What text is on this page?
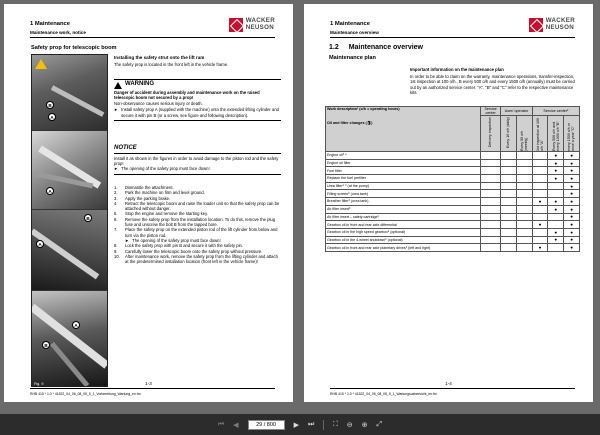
1 Maintenance
Maintenance work, notice
WACKER
NEUSON
Safety prop for telescopic boom
B
A
A
B
A
A
B
Fig. 9
Installing the safety strut onto the lift ram
The safety prop is located in the front left in the vehicle frame.
WARNING
Danger of accident during assembly and maintenance work on the raised telescopic boom not secured by a prop!
Non-observance causes serious injury or death.
► Install safety prop A (supplied with the machine) onto the extended lifting cylinder and secure it with pin B (or a screw, see figure and following description).
NOTICE
Install it as shown in the figures in order to avoid damage to the piston rod and the safety prop!
► The opening of the safety prop must face down!
1.	Dismantle the attachment.
2.	Park the machine on firm and level ground.
3.	Apply the parking brake.
4.	Retract the telescopic boom and raise the loader unit so that the safety prop can be attached without danger.
5.	Stop the engine and remove the starting key.
6.	Remove the safety prop from the installation location. To do this, remove the plug fuse and unscrew the bolt B from the tapped bore.
7.	Place the safety prop on the extended piston rod of the lift cylinder from below and turn via the piston rod.
► The opening of the safety prop must face down!
8.	Lock the safety prop with pin B and secure it with the safety pin.
9.	Carefully lower the telescopic boom onto the safety prop without pressure.
10.	After maintenance work, remove the safety prop from the lifting cylinder and attach at the predetermined installation location (front left in the vehicle frame)!
1-3
RHB 415 * 1.0 * 41522_04_06_08_05_5_1_Vorbereitung_Wartung_en.fm
1 Maintenance
Maintenance overview
WACKER
NEUSON
1.2 Maintenance overview
Maintenance plan
Important information on the maintenance plan
In order to be able to claim on the warranty, maintenance operations, transfer-inspection, 1st inspection at 100 o/h., B every 500 o/h and every 1500 o/h (annually) must be carried out by an authorized service center. "A", "B" and "C" refer to the respective maintenance kits.
Work description¹ (o/h = operating hours)
Oil and filter changes (🛢)	Service center	User/ operator		Service center²		

	Delivery inspection	Every 10 o/h (daily)	Every 50 o/h (weekly)	1st inspection at 100 o/h "A"	Every 500 o/h and every 1000 o/h "B"	every 1500 o/h or once a year "C"

Engine oil³ ⁴					●	●
Engine oil filter					●	●
Fuel filter					●	●
Replace the fuel prefilter					●	●
Urea filter⁵ ⁶ (at the pump)						●
Filling screen⁶ (urea tank)						●
Breather filter⁶ (urea tank)				●	●	●
Air filter insert⁶					●	●
Air filter insert – safety cartridge⁶						●
Gearbox oil in front and rear axle differential				●		●
Gearbox oil in the high speed gearbox⁶ (optional)					●	●
Gearbox oil in the 4-wheel shutdown⁶ (optional)					●	●
Gearbox oil in front and rear axle planetary drives⁶ (left and right)				●		●
1-4
RHB 415 * 1.0 * 41522_04_06_08_05_5_1_Wartungsuebersicht_en.fm
⏮ ◀	29 / 800	▶ ⏭	⛶ ⊖ ⊕ ⤢
